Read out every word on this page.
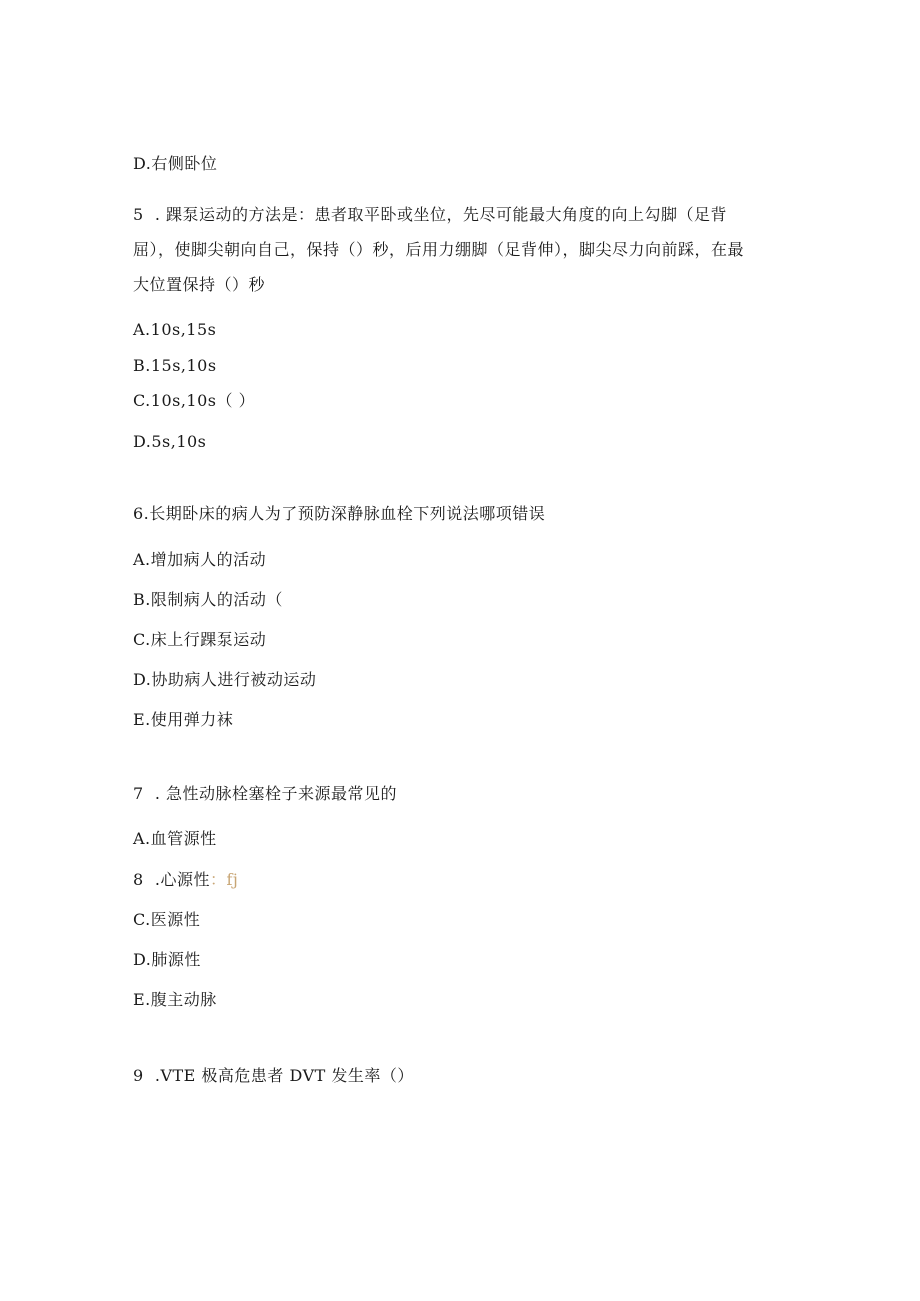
D.右侧卧位
5  . 踝泵运动的方法是：患者取平卧或坐位，先尽可能最大角度的向上勾脚（足背
屈），使脚尖朝向自己，保持（）秒，后用力绷脚（足背伸），脚尖尽力向前踩，在最
大位置保持（）秒
A.10s,15s
B.15s,10s
C.10s,10s（ ）
D.5s,10s
6.长期卧床的病人为了预防深静脉血栓下列说法哪项错误
A.增加病人的活动
B.限制病人的活动（
C.床上行踝泵运动
D.协助病人进行被动运动
E.使用弹力袜
7  . 急性动脉栓塞栓子来源最常见的
A.血管源性
8  .心源性：fj
C.医源性
D.肺源性
E.腹主动脉
9  .VTE 极高危患者 DVT 发生率（）
